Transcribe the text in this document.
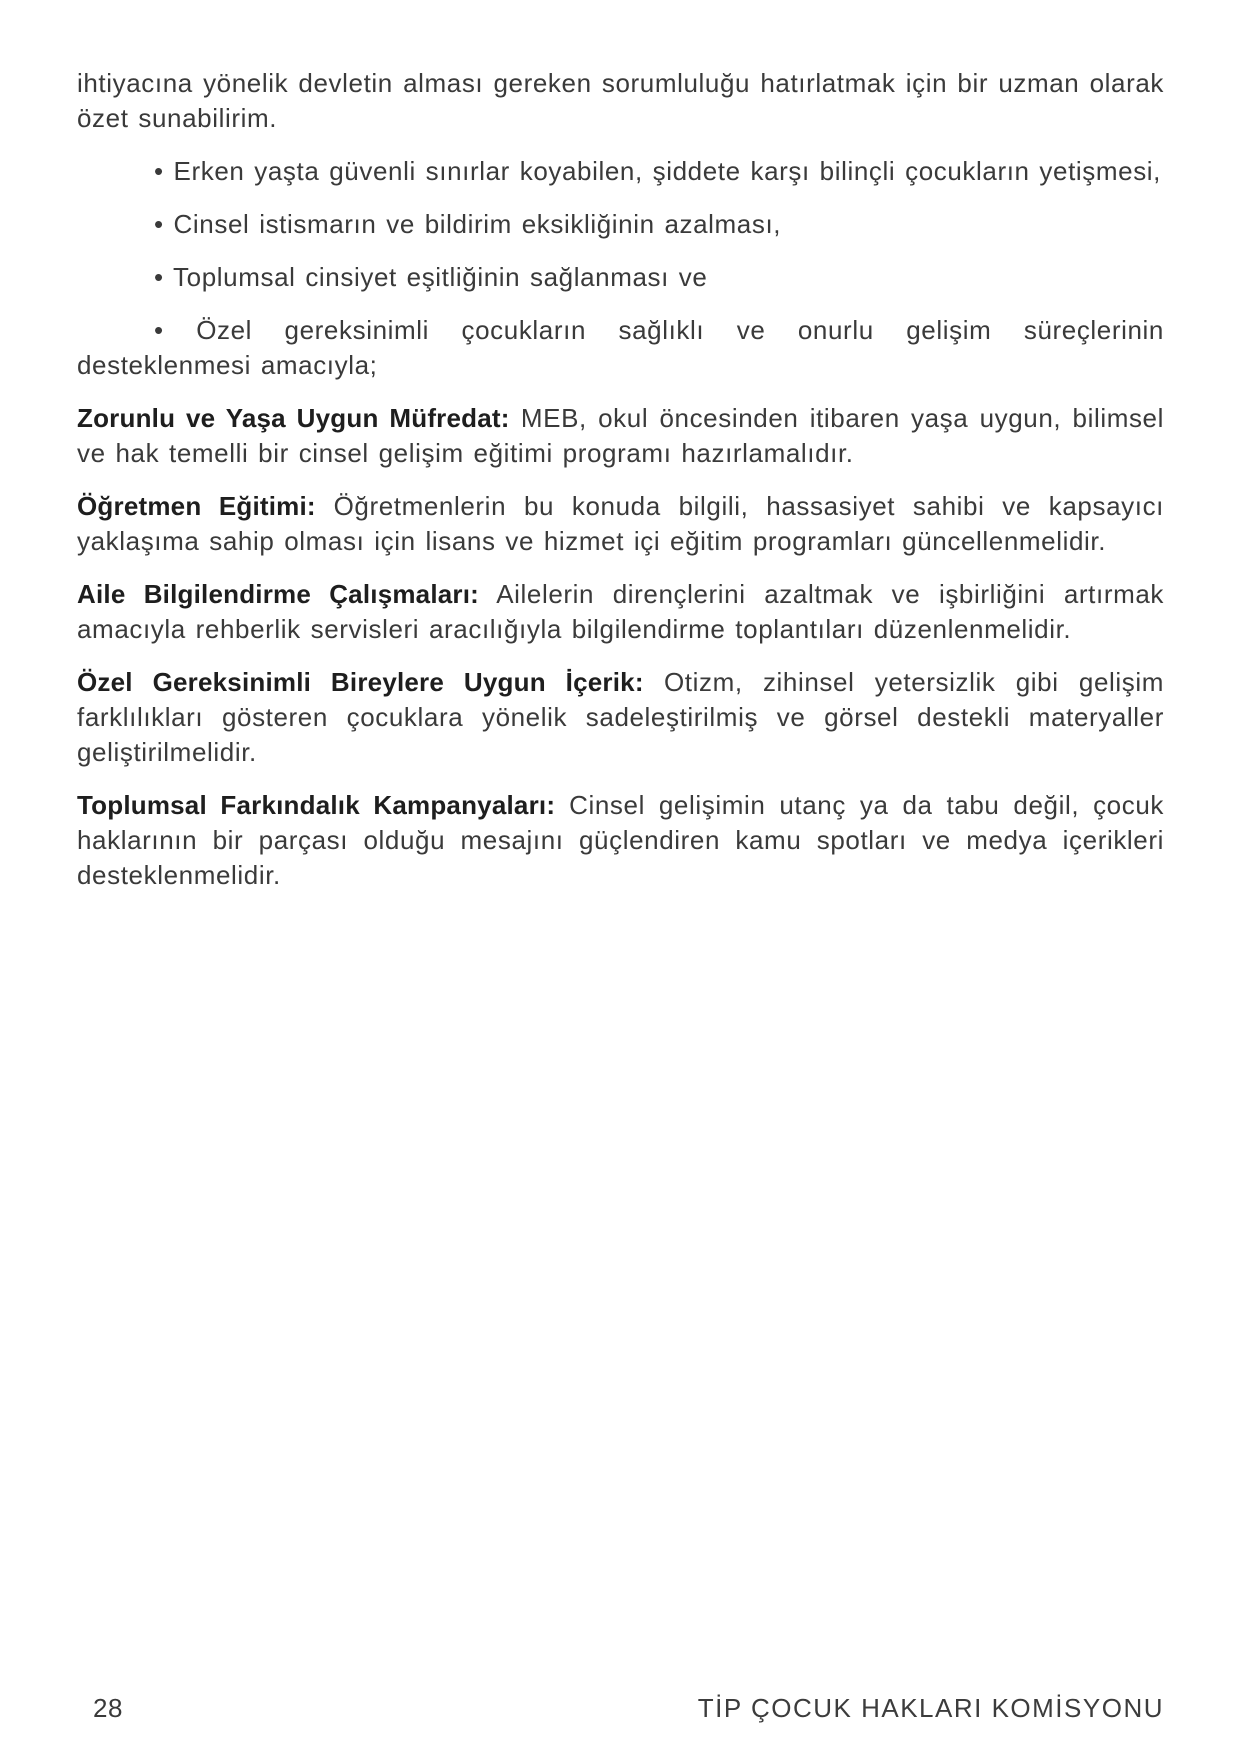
ihtiyacına yönelik devletin alması gereken sorumluluğu hatırlatmak için bir uzman olarak özet sunabilirim.

• Erken yaşta güvenli sınırlar koyabilen, şiddete karşı bilinçli çocukların yetişmesi,

• Cinsel istismarın ve bildirim eksikliğinin azalması,

• Toplumsal cinsiyet eşitliğinin sağlanması ve

• Özel gereksinimli çocukların sağlıklı ve onurlu gelişim süreçlerinin desteklenmesi amacıyla;

Zorunlu ve Yaşa Uygun Müfredat: MEB, okul öncesinden itibaren yaşa uygun, bilimsel ve hak temelli bir cinsel gelişim eğitimi programı hazırlamalıdır.

Öğretmen Eğitimi: Öğretmenlerin bu konuda bilgili, hassasiyet sahibi ve kapsayıcı yaklaşıma sahip olması için lisans ve hizmet içi eğitim programları güncellenmelidir.

Aile Bilgilendirme Çalışmaları: Ailelerin dirençlerini azaltmak ve işbirliğini artırmak amacıyla rehberlik servisleri aracılığıyla bilgilendirme toplantıları düzenlenmelidir.

Özel Gereksinimli Bireylere Uygun İçerik: Otizm, zihinsel yetersizlik gibi gelişim farklılıkları gösteren çocuklara yönelik sadeleştirilmiş ve görsel destekli materyaller geliştirilmelidir.

Toplumsal Farkındalık Kampanyaları: Cinsel gelişimin utanç ya da tabu değil, çocuk haklarının bir parçası olduğu mesajını güçlendiren kamu spotları ve medya içerikleri desteklenmelidir.

28	TİP ÇOCUK HAKLARI KOMİSYONU
